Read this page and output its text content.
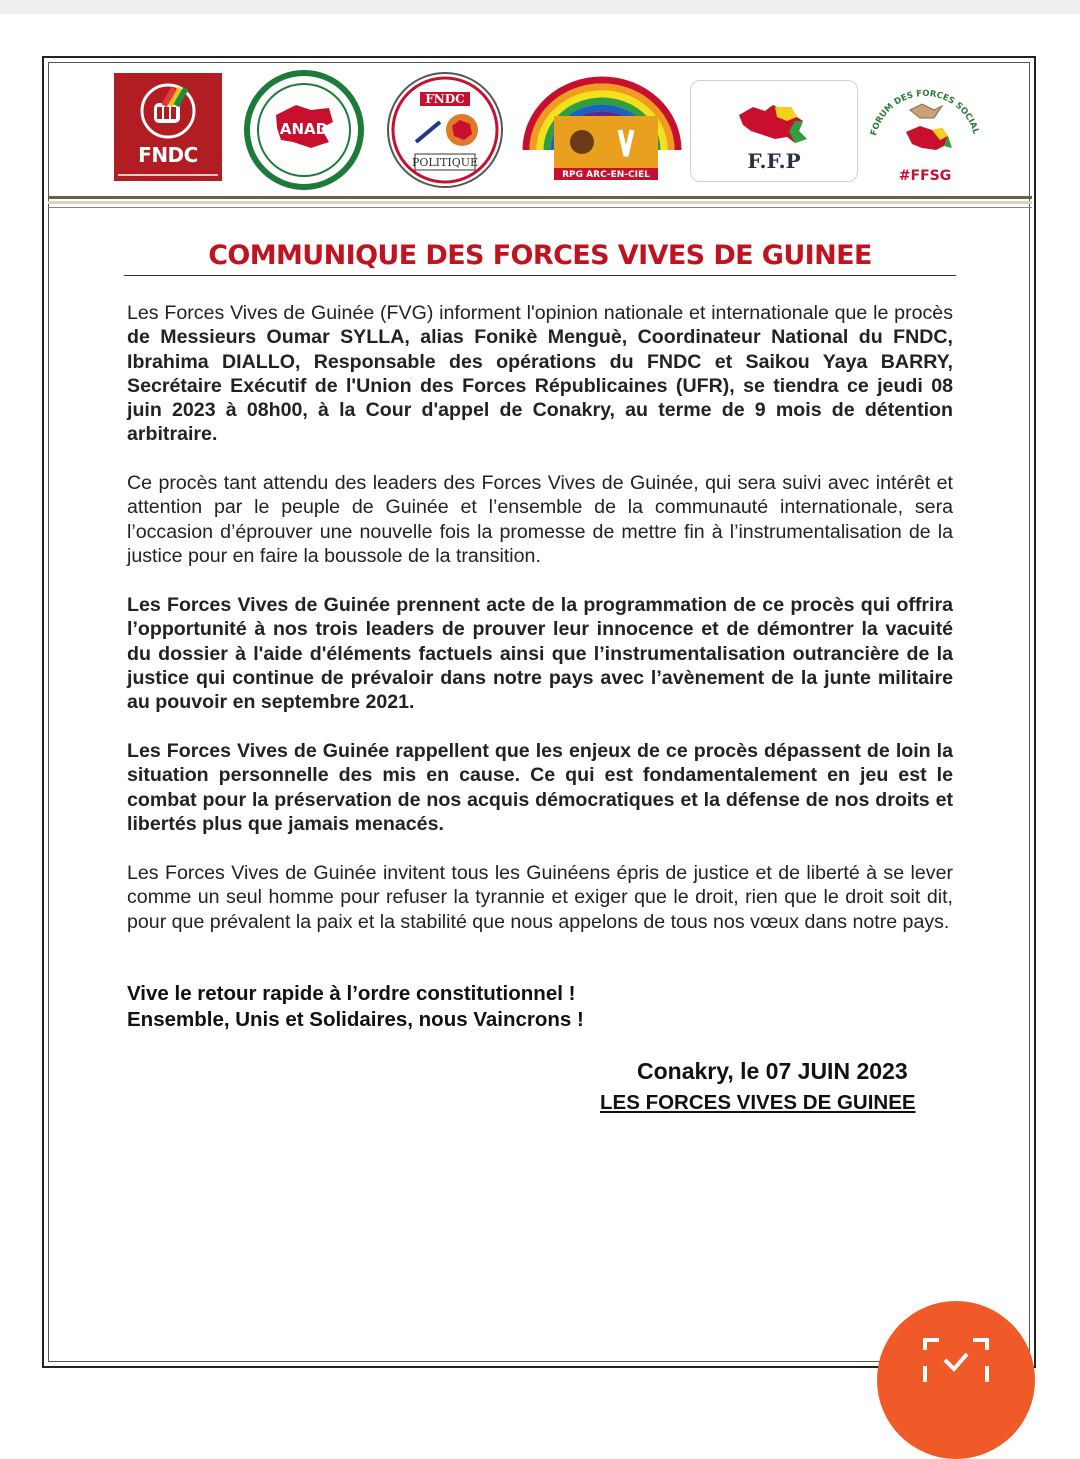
FNDC
ANAD
FNDC
POLITIQUE
RPG ARC-EN-CIEL
F.F.P
FORUM DES FORCES SOCIAL
#FFSG
COMMUNIQUE DES FORCES VIVES DE GUINEE
Les Forces Vives de Guinée (FVG) informent l'opinion nationale et internationale que le procès de Messieurs Oumar SYLLA, alias Fonikè Menguè, Coordinateur National du FNDC, Ibrahima DIALLO, Responsable des opérations du FNDC et Saikou Yaya BARRY, Secrétaire Exécutif de l'Union des Forces Républicaines (UFR), se tiendra ce jeudi 08 juin 2023 à 08h00, à la Cour d'appel de Conakry, au terme de 9 mois de détention arbitraire.
Ce procès tant attendu des leaders des Forces Vives de Guinée, qui sera suivi avec intérêt et attention par le peuple de Guinée et l’ensemble de la communauté internationale, sera l’occasion d’éprouver une nouvelle fois la promesse de mettre fin à l’instrumentalisation de la justice pour en faire la boussole de la transition.
Les Forces Vives de Guinée prennent acte de la programmation de ce procès qui offrira l’opportunité à nos trois leaders de prouver leur innocence et de démontrer la vacuité du dossier à l'aide d'éléments factuels ainsi que l’instrumentalisation outrancière de la justice qui continue de prévaloir dans notre pays avec l’avènement de la junte militaire au pouvoir en septembre 2021.
Les Forces Vives de Guinée rappellent que les enjeux de ce procès dépassent de loin la situation personnelle des mis en cause. Ce qui est fondamentalement en jeu est le combat pour la préservation de nos acquis démocratiques et la défense de nos droits et libertés plus que jamais menacés.
Les Forces Vives de Guinée invitent tous les Guinéens épris de justice et de liberté à se lever comme un seul homme pour refuser la tyrannie et exiger que le droit, rien que le droit soit dit, pour que prévalent la paix et la stabilité que nous appelons de tous nos vœux dans notre pays.
Vive le retour rapide à l’ordre constitutionnel !
Ensemble, Unis et Solidaires, nous Vaincrons !
Conakry, le 07 JUIN 2023
LES FORCES VIVES DE GUINEE
